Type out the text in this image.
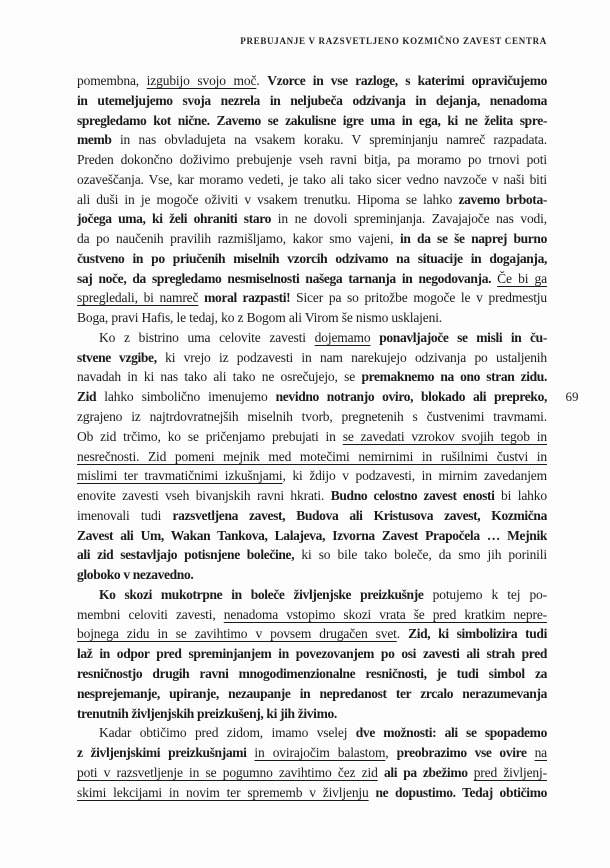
PREBUJANJE V RAZSVETLJENO KOZMIČNO ZAVEST CENTRA
69
pomembna, izgubijo svojo moč. Vzorce in vse razloge, s katerimi opravičujemo
in utemeljujemo svoja nezrela in neljubeča odzivanja in dejanja, nenadoma
spregledamo kot nične. Zavemo se zakulisne igre uma in ega, ki ne želita spre-
memb in nas obvladujeta na vsakem koraku. V spreminjanju namreč razpadata.
Preden dokončno doživimo prebujenje vseh ravni bitja, pa moramo po trnovi poti
ozaveščanja. Vse, kar moramo vedeti, je tako ali tako sicer vedno navzoče v naši biti
ali duši in je mogoče oživiti v vsakem trenutku. Hipoma se lahko zavemo brbota-
jočega uma, ki želi ohraniti staro in ne dovoli spreminjanja. Zavajajoče nas vodi,
da po naučenih pravilih razmišljamo, kakor smo vajeni, in da se še naprej burno
čustveno in po priučenih miselnih vzorcih odzivamo na situacije in dogajanja,
saj noče, da spregledamo nesmiselnosti našega tarnanja in negodovanja. Če bi ga
spregledali, bi namreč moral razpasti! Sicer pa so pritožbe mogoče le v predmestju
Boga, pravi Hafis, le tedaj, ko z Bogom ali Virom še nismo usklajeni.
Ko z bistrino uma celovite zavesti dojemamo ponavljajoče se misli in ču-
stvene vzgibe, ki vrejo iz podzavesti in nam narekujejo odzivanja po ustaljenih
navadah in ki nas tako ali tako ne osrečujejo, se premaknemo na ono stran zidu.
Zid lahko simbolično imenujemo nevidno notranjo oviro, blokado ali prepreko,
zgrajeno iz najtrdovratnejših miselnih tvorb, pregnetenih s čustvenimi travmami.
Ob zid trčimo, ko se pričenjamo prebujati in se zavedati vzrokov svojih tegob in
nesrečnosti. Zid pomeni mejnik med motečimi nemirnimi in rušilnimi čustvi in
mislimi ter travmatičnimi izkušnjami, ki ždijo v podzavesti, in mirnim zavedanjem
enovite zavesti vseh bivanjskih ravni hkrati. Budno celostno zavest enosti bi lahko
imenovali tudi razsvetljena zavest, Budova ali Kristusova zavest, Kozmična
Zavest ali Um, Wakan Tankova, Lalajeva, Izvorna Zavest Prapočela … Mejnik
ali zid sestavljajo potisnjene bolečine, ki so bile tako boleče, da smo jih porinili
globoko v nezavedno.
Ko skozi mukotrpne in boleče življenjske preizkušnje potujemo k tej po-
membni celoviti zavesti, nenadoma vstopimo skozi vrata še pred kratkim nepre-
bojnega zidu in se zavihtimo v povsem drugačen svet. Zid, ki simbolizira tudi
laž in odpor pred spreminjanjem in povezovanjem po osi zavesti ali strah pred
resničnostjo drugih ravni mnogodimenzionalne resničnosti, je tudi simbol za
nesprejemanje, upiranje, nezaupanje in nepredanost ter zrcalo nerazumevanja
trenutnih življenjskih preizkušenj, ki jih živimo.
Kadar obtičimo pred zidom, imamo vselej dve možnosti: ali se spopademo
z življenjskimi preizkušnjami in ovirajočim balastom, preobrazimo vse ovire na
poti v razsvetljenje in se pogumno zavihtimo čez zid ali pa zbežimo pred življenj-
skimi lekcijami in novim ter sprememb v življenju ne dopustimo. Tedaj obtičimo
